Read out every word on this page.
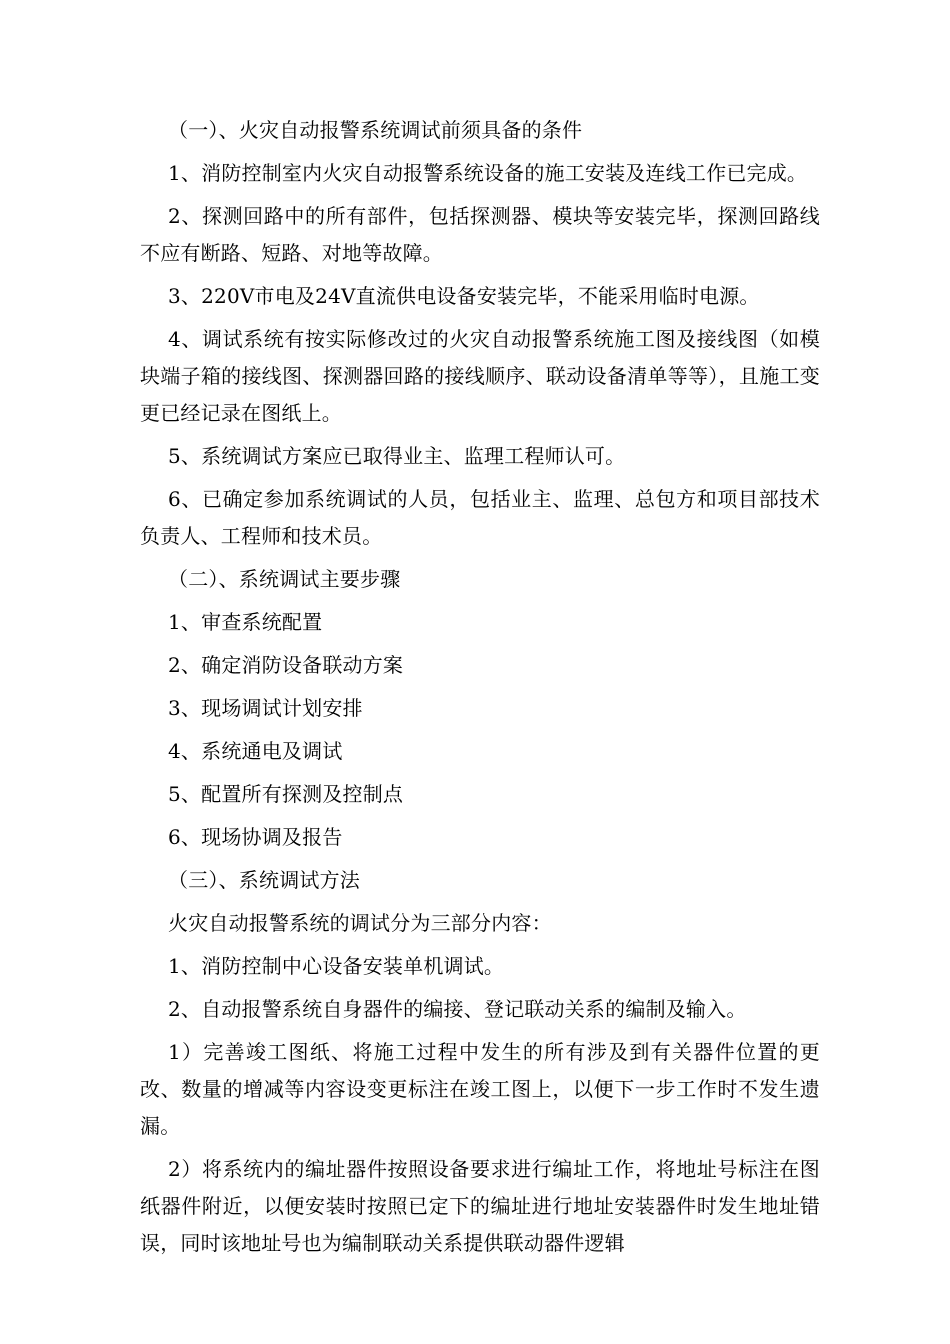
（一）、火灾自动报警系统调试前须具备的条件

1、消防控制室内火灾自动报警系统设备的施工安装及连线工作已完成。

2、探测回路中的所有部件，包括探测器、模块等安装完毕，探测回路线不应有断路、短路、对地等故障。

3、220V市电及24V直流供电设备安装完毕，不能采用临时电源。

4、调试系统有按实际修改过的火灾自动报警系统施工图及接线图（如模块端子箱的接线图、探测器回路的接线顺序、联动设备清单等等），且施工变更已经记录在图纸上。

5、系统调试方案应已取得业主、监理工程师认可。

6、已确定参加系统调试的人员，包括业主、监理、总包方和项目部技术负责人、工程师和技术员。

（二）、系统调试主要步骤

1、审查系统配置

2、确定消防设备联动方案

3、现场调试计划安排

4、系统通电及调试

5、配置所有探测及控制点

6、现场协调及报告

（三）、系统调试方法

火灾自动报警系统的调试分为三部分内容：

1、消防控制中心设备安装单机调试。

2、自动报警系统自身器件的编接、登记联动关系的编制及输入。

1）完善竣工图纸、将施工过程中发生的所有涉及到有关器件位置的更改、数量的增减等内容设变更标注在竣工图上，以便下一步工作时不发生遗漏。

2）将系统内的编址器件按照设备要求进行编址工作，将地址号标注在图纸器件附近，以便安装时按照已定下的编址进行地址安装器件时发生地址错误，同时该地址号也为编制联动关系提供联动器件逻辑
